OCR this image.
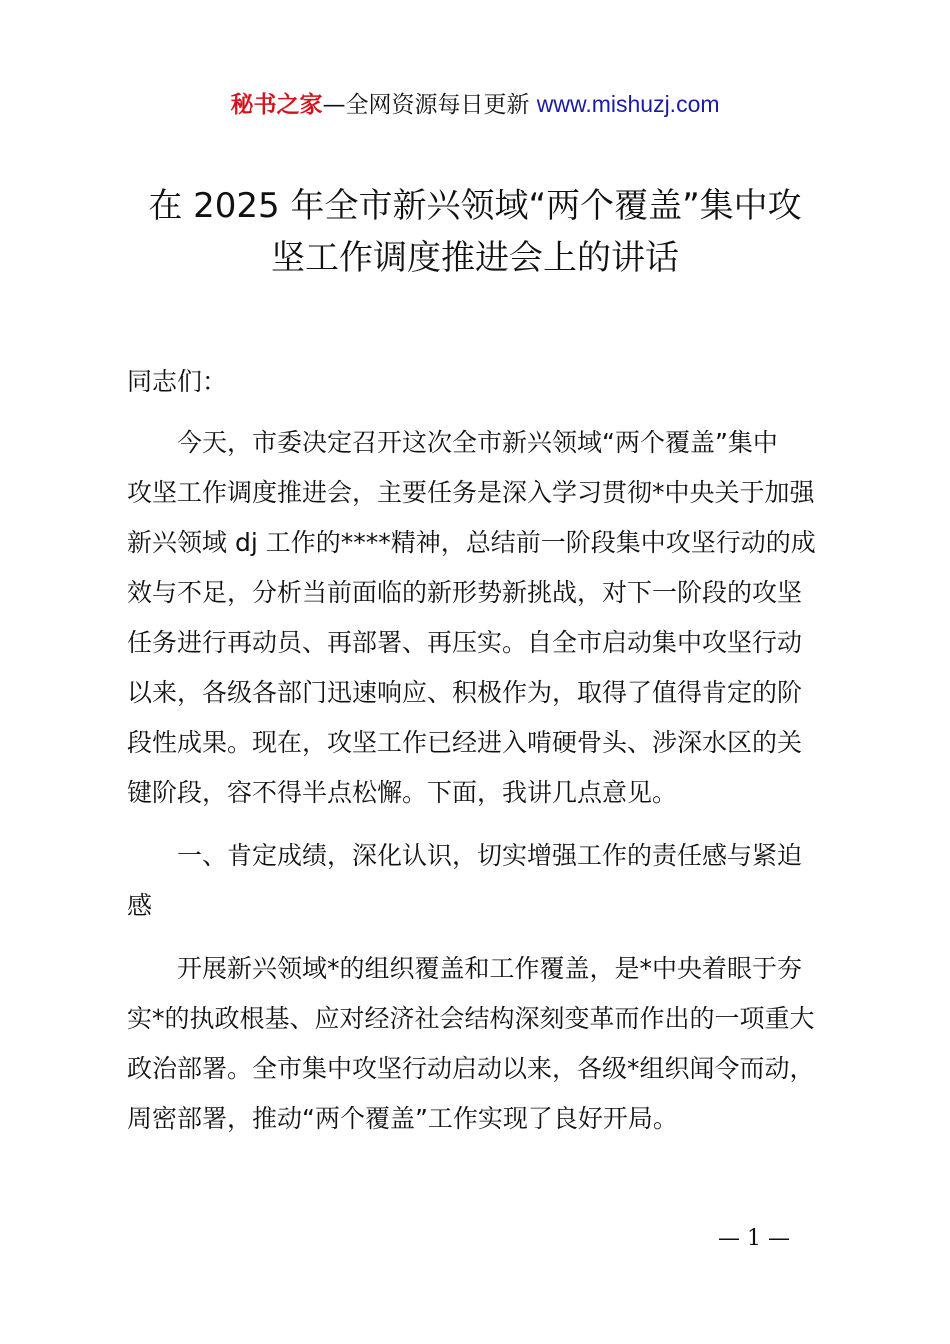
秘书之家—全网资源每日更新 www.mishuzj.com
在 2025 年全市新兴领域“两个覆盖”集中攻
坚工作调度推进会上的讲话
同志们：
今天，市委决定召开这次全市新兴领域“两个覆盖”集中
攻坚工作调度推进会，主要任务是深入学习贯彻*中央关于加强
新兴领域 dj 工作的****精神，总结前一阶段集中攻坚行动的成
效与不足，分析当前面临的新形势新挑战，对下一阶段的攻坚
任务进行再动员、再部署、再压实。自全市启动集中攻坚行动
以来，各级各部门迅速响应、积极作为，取得了值得肯定的阶
段性成果。现在，攻坚工作已经进入啃硬骨头、涉深水区的关
键阶段，容不得半点松懈。下面，我讲几点意见。
一、肯定成绩，深化认识，切实增强工作的责任感与紧迫
感
开展新兴领域*的组织覆盖和工作覆盖，是*中央着眼于夯
实*的执政根基、应对经济社会结构深刻变革而作出的一项重大
政治部署。全市集中攻坚行动启动以来，各级*组织闻令而动，
周密部署，推动“两个覆盖”工作实现了良好开局。
— 1 —
